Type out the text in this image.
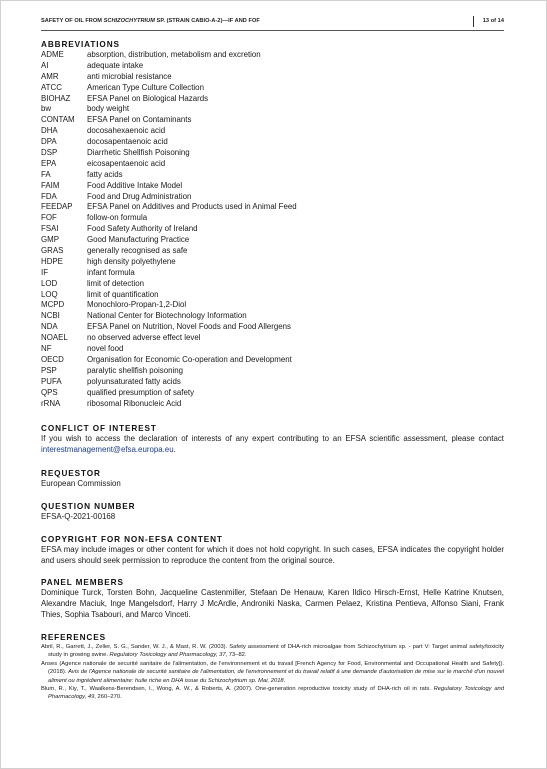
SAFETY OF OIL FROM SCHIZOCHYTRIUM SP. (STRAIN CABIO-A-2)—IF AND FOF	13 of 14
ABBREVIATIONS
ADME	absorption, distribution, metabolism and excretion
AI	adequate intake
AMR	anti microbial resistance
ATCC	American Type Culture Collection
BIOHAZ	EFSA Panel on Biological Hazards
bw	body weight
CONTAM	EFSA Panel on Contaminants
DHA	docosahexaenoic acid
DPA	docosapentaenoic acid
DSP	Diarrhetic Shellfish Poisoning
EPA	eicosapentaenoic acid
FA	fatty acids
FAIM	Food Additive Intake Model
FDA	Food and Drug Administration
FEEDAP	EFSA Panel on Additives and Products used in Animal Feed
FOF	follow-on formula
FSAI	Food Safety Authority of Ireland
GMP	Good Manufacturing Practice
GRAS	generally recognised as safe
HDPE	high density polyethylene
IF	infant formula
LOD	limit of detection
LOQ	limit of quantification
MCPD	Monochloro-Propan-1,2-Diol
NCBI	National Center for Biotechnology Information
NDA	EFSA Panel on Nutrition, Novel Foods and Food Allergens
NOAEL	no observed adverse effect level
NF	novel food
OECD	Organisation for Economic Co-operation and Development
PSP	paralytic shellfish poisoning
PUFA	polyunsaturated fatty acids
QPS	qualified presumption of safety
rRNA	ribosomal Ribonucleic Acid
CONFLICT OF INTEREST

If you wish to access the declaration of interests of any expert contributing to an EFSA scientific assessment, please contact interestmanagement@efsa.europa.eu.

REQUESTOR

European Commission

QUESTION NUMBER

EFSA-Q-2021-00168

COPYRIGHT FOR NON-EFSA CONTENT

EFSA may include images or other content for which it does not hold copyright. In such cases, EFSA indicates the copyright holder and users should seek permission to reproduce the content from the original source.

PANEL MEMBERS

Dominique Turck, Torsten Bohn, Jacqueline Castenmiller, Stefaan De Henauw, Karen Ildico Hirsch-Ernst, Helle Katrine Knutsen, Alexandre Maciuk, Inge Mangelsdorf, Harry J McArdle, Androniki Naska, Carmen Pelaez, Kristina Pentieva, Alfonso Siani, Frank Thies, Sophia Tsabouri, and Marco Vinceti.

REFERENCES

Abril, R., Garrett, J., Zeller, S. G., Sander, W. J., & Mast, R. W. (2003). Safety assessment of DHA-rich microalgae from Schizochytrium sp. - part V: Target animal safety/toxicity study in growing swine. Regulatory Toxicology and Pharmacology, 37, 73–82.

Anses (Agence nationale de securité sanitaire de l'alimentation, de l'environnement et du travail [French Agency for Food, Environmental and Occupational Health and Safety]). (2018). Avis de l'Agence nationale de securité sanitaire de l'alimentation, de l'environnement et du travail relatif à une demande d'autorisation de mise sur le marché d'un nouvel aliment ou ingrédient alimentaire: huile riche en DHA issue du Schizochytrium sp. Mai, 2018.

Blum, R., Kiy, T., Waalkens-Berendsen, I., Wong, A. W., & Roberts, A. (2007). One-generation reproductive toxicity study of DHA-rich oil in rats. Regulatory Toxicology and Pharmacology, 49, 260–270.
